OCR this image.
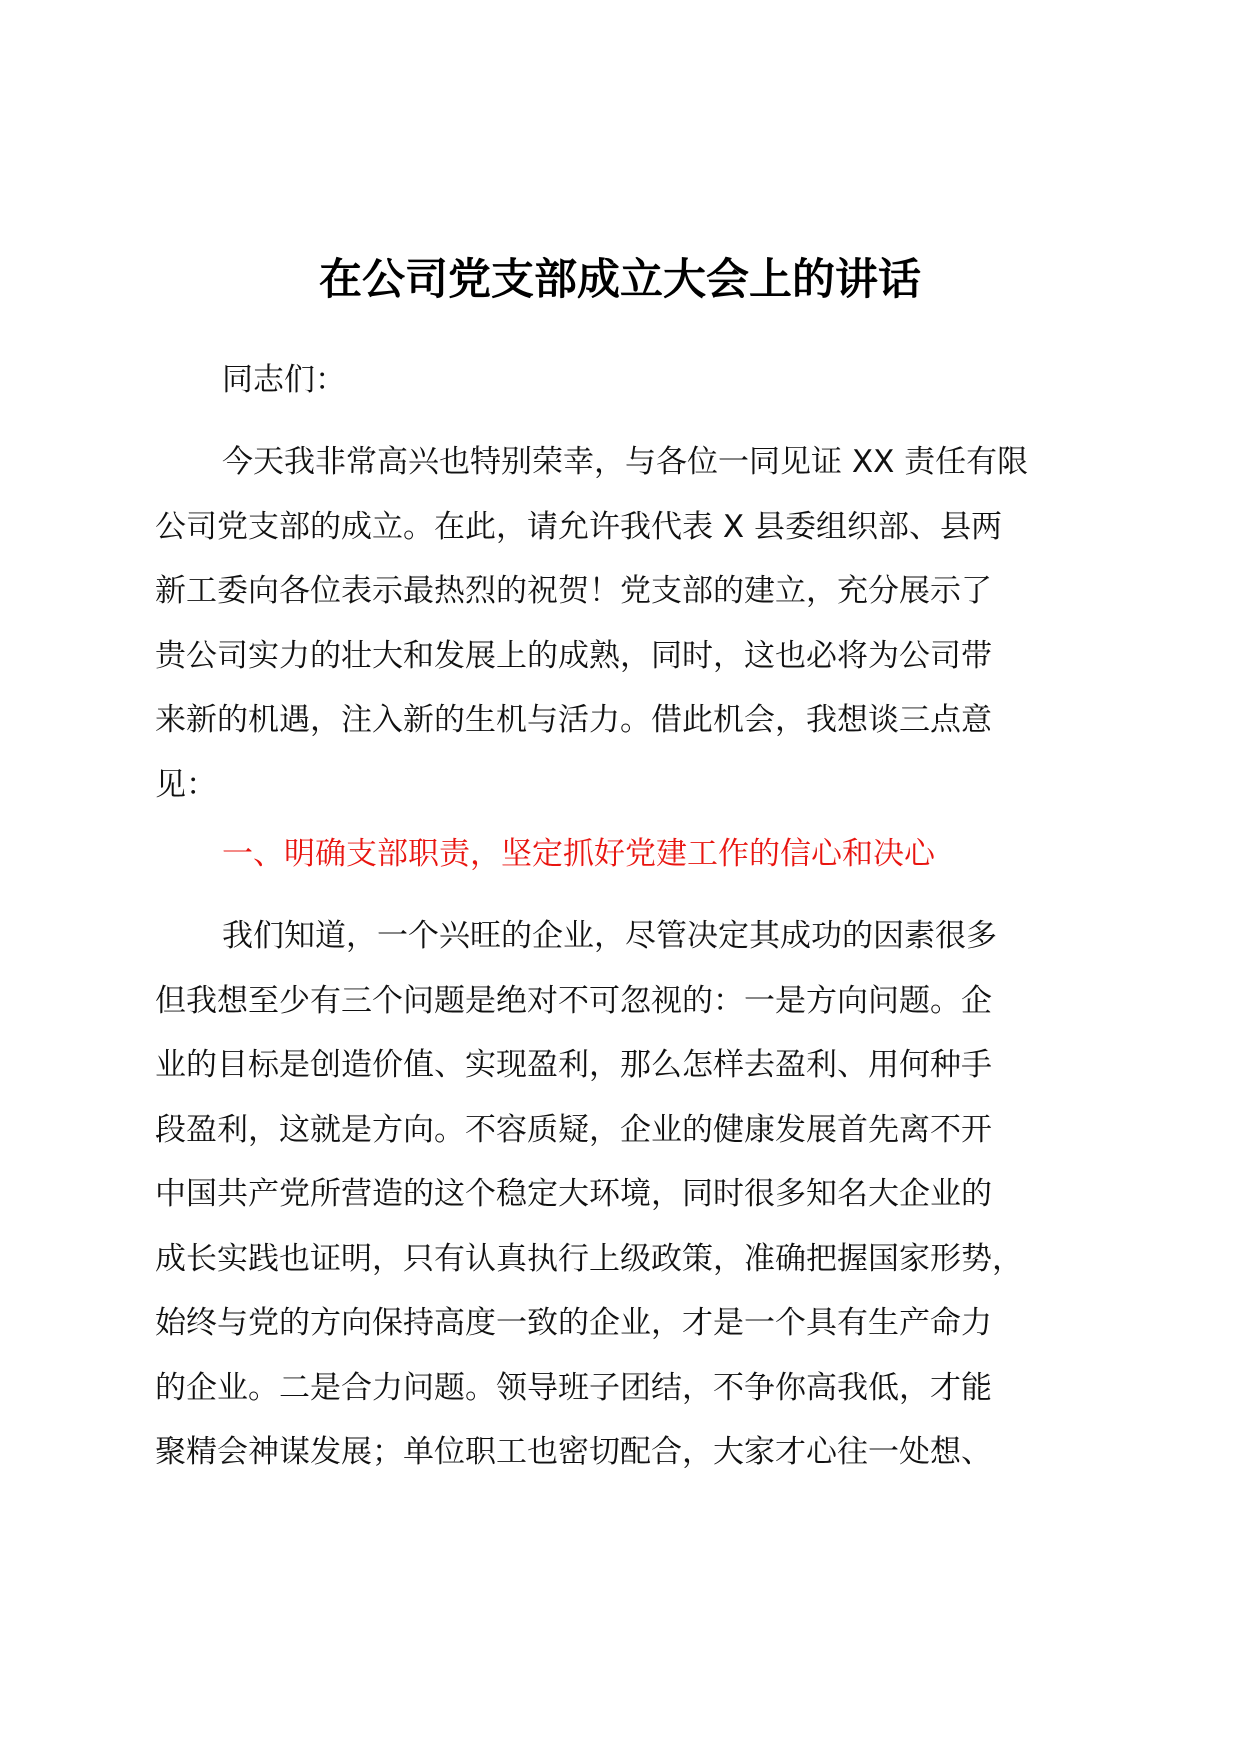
在公司党支部成立大会上的讲话

同志们：

今天我非常高兴也特别荣幸，与各位一同见证 XX 责任有限
公司党支部的成立。在此，请允许我代表 X 县委组织部、县两
新工委向各位表示最热烈的祝贺！党支部的建立，充分展示了
贵公司实力的壮大和发展上的成熟，同时，这也必将为公司带
来新的机遇，注入新的生机与活力。借此机会，我想谈三点意
见：

一、明确支部职责，坚定抓好党建工作的信心和决心

我们知道，一个兴旺的企业，尽管决定其成功的因素很多
但我想至少有三个问题是绝对不可忽视的：一是方向问题。企
业的目标是创造价值、实现盈利，那么怎样去盈利、用何种手
段盈利，这就是方向。不容质疑，企业的健康发展首先离不开
中国共产党所营造的这个稳定大环境，同时很多知名大企业的
成长实践也证明，只有认真执行上级政策，准确把握国家形势，
始终与党的方向保持高度一致的企业，才是一个具有生产命力
的企业。二是合力问题。领导班子团结，不争你高我低，才能
聚精会神谋发展；单位职工也密切配合，大家才心往一处想、
